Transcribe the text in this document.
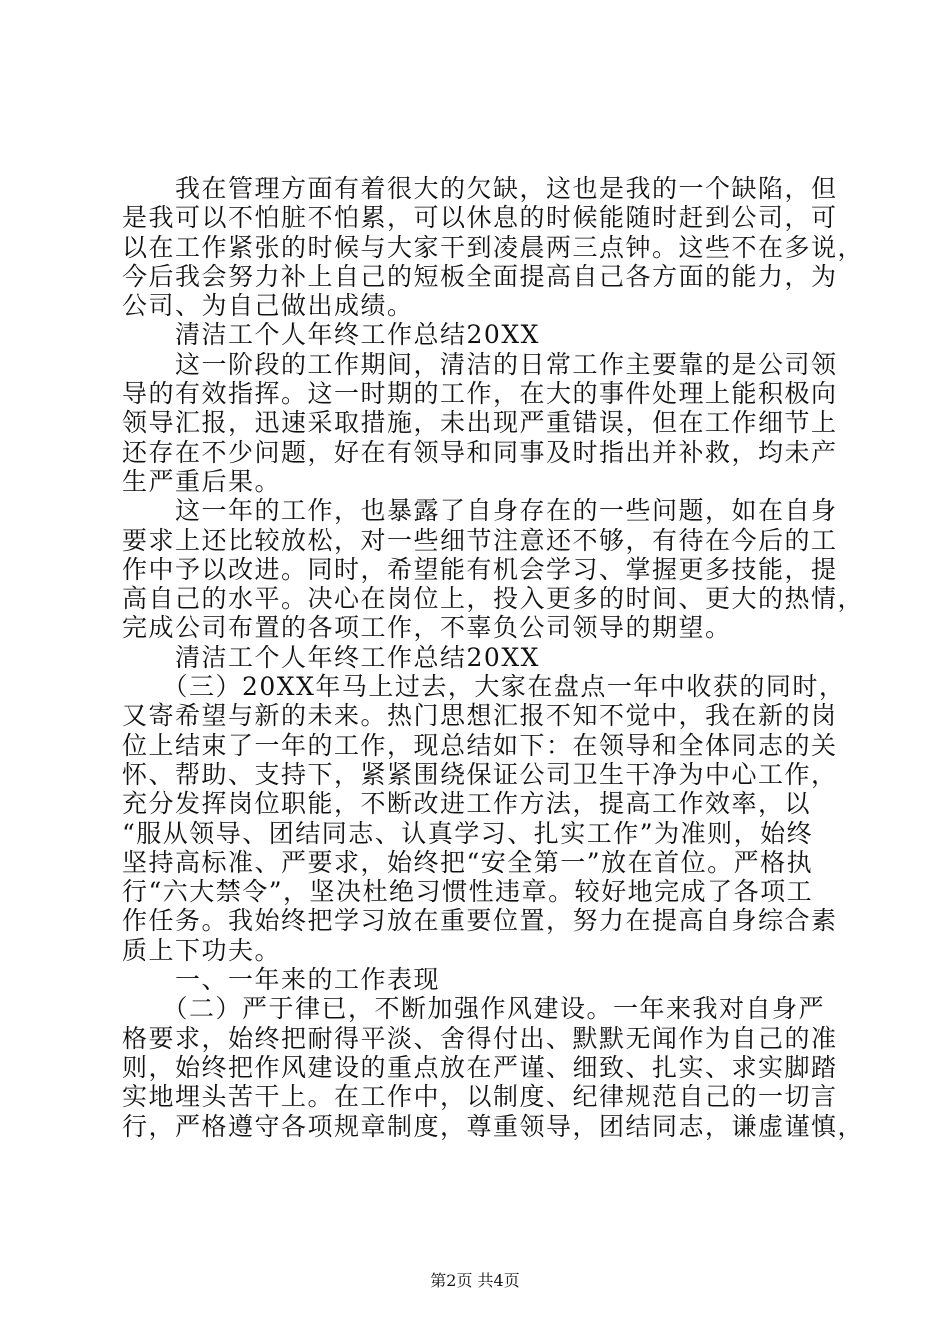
　　我在管理方面有着很大的欠缺，这也是我的一个缺陷，但
是我可以不怕脏不怕累，可以休息的时候能随时赶到公司，可
以在工作紧张的时候与大家干到凌晨两三点钟。这些不在多说，
今后我会努力补上自己的短板全面提高自己各方面的能力，为
公司、为自己做出成绩。
　　清洁工个人年终工作总结20XX
　　这一阶段的工作期间，清洁的日常工作主要靠的是公司领
导的有效指挥。这一时期的工作，在大的事件处理上能积极向
领导汇报，迅速采取措施，未出现严重错误，但在工作细节上
还存在不少问题，好在有领导和同事及时指出并补救，均未产
生严重后果。
　　这一年的工作，也暴露了自身存在的一些问题，如在自身
要求上还比较放松，对一些细节注意还不够，有待在今后的工
作中予以改进。同时，希望能有机会学习、掌握更多技能，提
高自己的水平。决心在岗位上，投入更多的时间、更大的热情，
完成公司布置的各项工作，不辜负公司领导的期望。
　　清洁工个人年终工作总结20XX
　　（三）20XX年马上过去，大家在盘点一年中收获的同时，
又寄希望与新的未来。热门思想汇报不知不觉中，我在新的岗
位上结束了一年的工作，现总结如下：在领导和全体同志的关
怀、帮助、支持下，紧紧围绕保证公司卫生干净为中心工作，
充分发挥岗位职能，不断改进工作方法，提高工作效率，以
“服从领导、团结同志、认真学习、扎实工作”为准则，始终
坚持高标准、严要求，始终把“安全第一”放在首位。严格执
行“六大禁令”，坚决杜绝习惯性违章。较好地完成了各项工
作任务。我始终把学习放在重要位置，努力在提高自身综合素
质上下功夫。
　　一、一年来的工作表现
　　（二）严于律已，不断加强作风建设。一年来我对自身严
格要求，始终把耐得平淡、舍得付出、默默无闻作为自己的准
则，始终把作风建设的重点放在严谨、细致、扎实、求实脚踏
实地埋头苦干上。在工作中，以制度、纪律规范自己的一切言
行，严格遵守各项规章制度，尊重领导，团结同志，谦虚谨慎，
第2页 共4页
